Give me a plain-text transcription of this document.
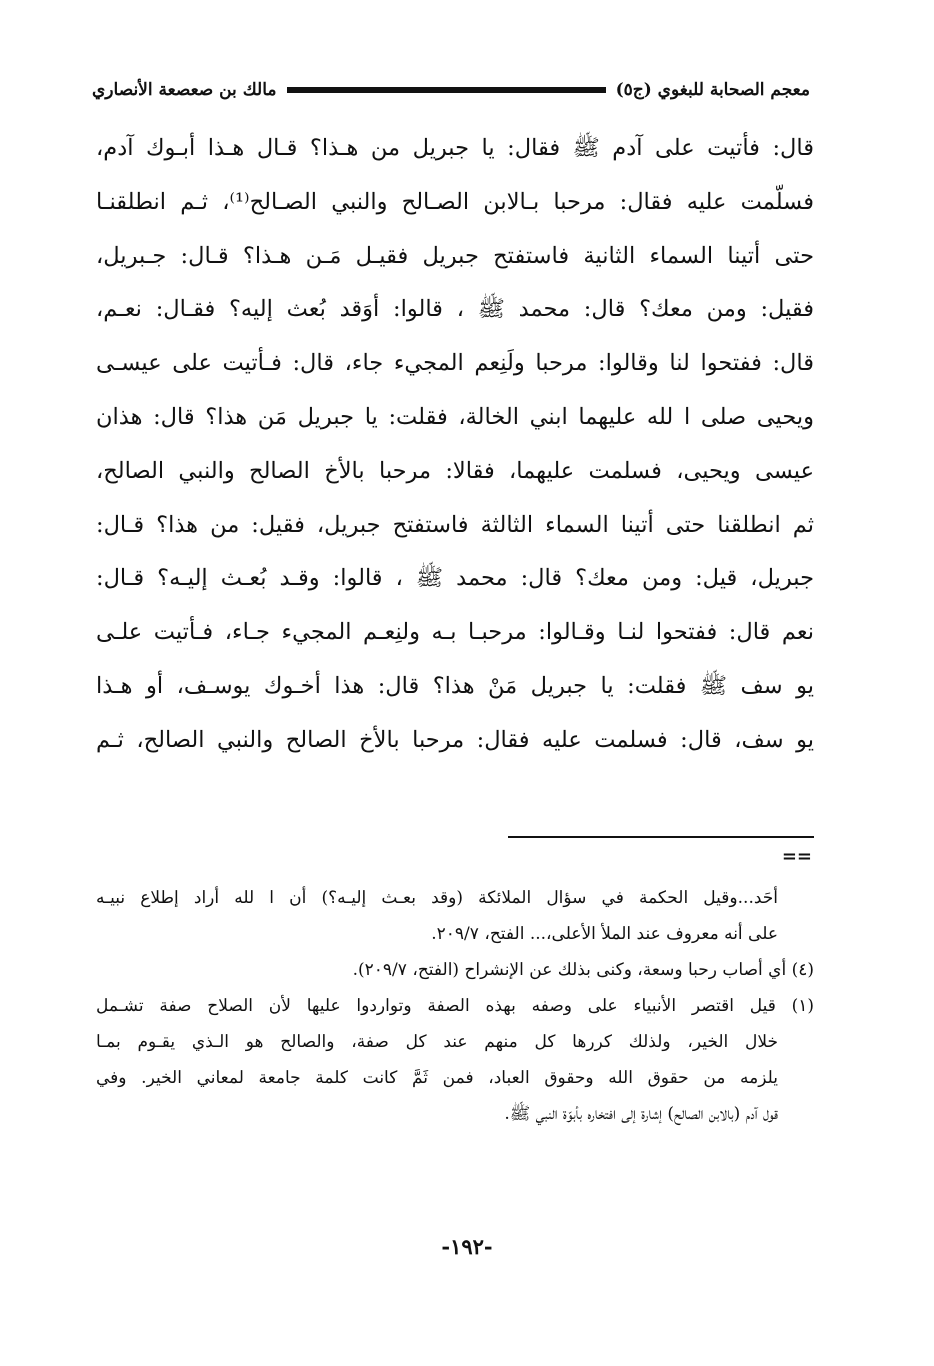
معجم الصحابة للبغوي (ج٥)
مالك بن صعصعة الأنصاري
قال: فأتيت على آدم ﷺ فقال: يا جبريل من هـذا؟ قـال هـذا أبـوك آدم،
فسلّمت عليه فقال: مرحبا بـالابن الصـالح والنبي الصـالح⁽¹⁾، ثـم انطلقنـا
حتى أتينا السماء الثانية فاستفتح جبريل فقيـل مَـن هـذا؟ قـال: جـبريل،
فقيل: ومن معك؟ قال: محمد ﷺ ، قالوا: أوَقد بُعث إليه؟ فقـال: نعـم،
قال: ففتحوا لنا وقالوا: مرحبا ولَنِعم المجيء جاء، قال: فـأتيت على عيسـى
ويحيى صلى ا لله عليهما ابني الخالة، فقلت: يا جبريل مَن هذا؟ قال: هذان
عيسى ويحيى، فسلمت عليهما، فقالا: مرحبا بالأخ الصالح والنبي الصالح،
ثم انطلقنا حتى أتينا السماء الثالثة فاستفتح جبريل، فقيل: من هذا؟ قـال:
جبريل، قيل: ومن معك؟ قال: محمد ﷺ ، قالوا: وقـد بُعـث إليـه؟ قـال:
نعم قال: ففتحوا لنـا وقـالوا: مرحبـا بـه ولنِعـم المجيء جـاء، فـأتيت علـى
يو سف ﷺ فقلت: يا جبريل مَنْ هذا؟ قال: هذا أخـوك يوسـف، أو هـذا
يو سف، قال: فسلمت عليه فقال: مرحبا بالأخ الصالح والنبي الصالح، ثـم
==
أحَد...وقيل الحكمة في سؤال الملائكة (وقد بعـث إليـه؟) أن ا لله أراد إطلاع نبيـه
على أنه معروف عند الملأ الأعلى،... الفتح، ٢٠٩/٧.
(٤) أي أصاب رحبا وسعة، وكنى بذلك عن الإنشراح (الفتح، ٢٠٩/٧).
(١) قيل اقتصر الأنبياء على وصفه بهذه الصفة وتواردوا عليها لأن الصلاح صفة تشـمل
خلال الخير، ولذلك كررها كل منهم عند كل صفة، والصالح هو الـذي يقـوم بمـا
يلزمه من حقوق الله وحقوق العباد، فمن ثَمَّ كانت كلمة جامعة لمعاني الخير. وفي
قول آدم (بالابن الصالح) إشارة إلى افتخاره بأبوّة النبي ﷺ.
-١٩٢-
